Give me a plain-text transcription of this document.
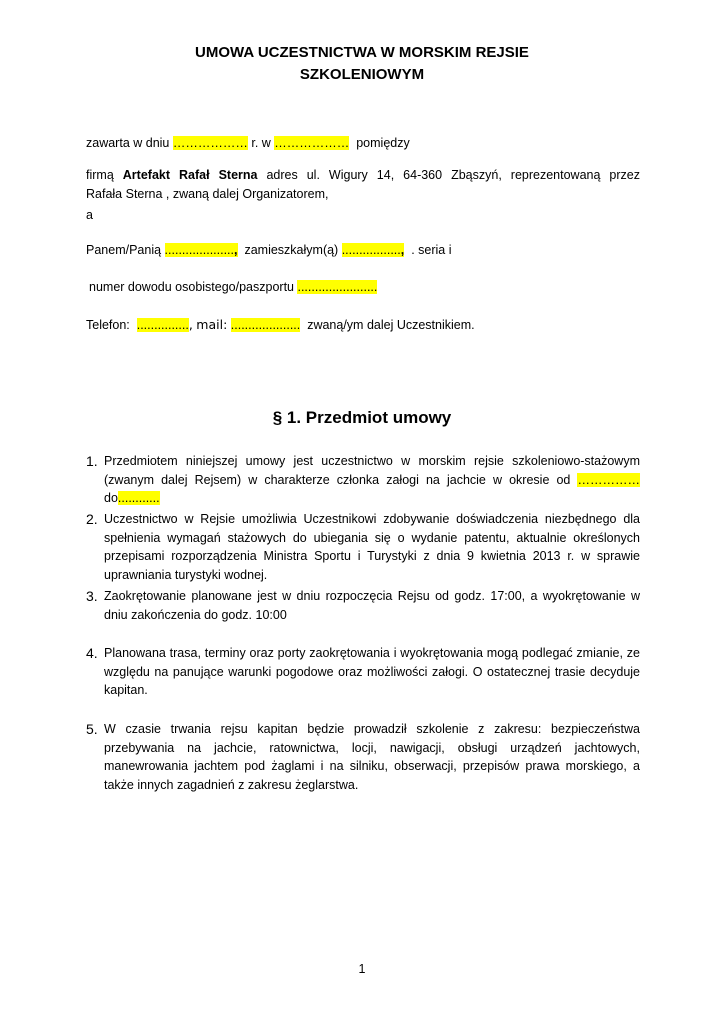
UMOWA UCZESTNICTWA W MORSKIM REJSIE
SZKOLENIOWYM
zawarta w dniu ……………… r. w ……………… pomiędzy
firmą Artefakt Rafał Sterna adres ul. Wigury 14, 64-360 Zbąszyń, reprezentowaną przez
Rafała Sterna , zwaną dalej Organizatorem,
a
Panem/Panią ...................., zamieszkałym(ą) ................., . seria i
numer dowodu osobistego/paszportu .......................
Telefon: ..............., mail: .................... zwaną/ym dalej Uczestnikiem.
§ 1. Przedmiot umowy
1. Przedmiotem niniejszej umowy jest uczestnictwo w morskim rejsie szkoleniowo-stażowym
(zwanym dalej Rejsem) w charakterze członka załogi na jachcie w okresie od ……………
do............
2. Uczestnictwo w Rejsie umożliwia Uczestnikowi zdobywanie doświadczenia niezbędnego dla spełnienia wymagań stażowych do ubiegania się o wydanie patentu, aktualnie określonych przepisami rozporządzenia Ministra Sportu i Turystyki z dnia 9 kwietnia 2013 r. w sprawie uprawniania turystyki wodnej.
3. Zaokrętowanie planowane jest w dniu rozpoczęcia Rejsu od godz. 17:00, a wyokrętowanie w dniu zakończenia do godz. 10:00
4. Planowana trasa, terminy oraz porty zaokrętowania i wyokrętowania mogą podlegać zmianie, ze względu na panujące warunki pogodowe oraz możliwości załogi. O ostatecznej trasie decyduje kapitan.
5. W czasie trwania rejsu kapitan będzie prowadził szkolenie z zakresu: bezpieczeństwa przebywania na jachcie, ratownictwa, locji, nawigacji, obsługi urządzeń jachtowych, manewrowania jachtem pod żaglami i na silniku, obserwacji, przepisów prawa morskiego, a także innych zagadnień z zakresu żeglarstwa.
1
